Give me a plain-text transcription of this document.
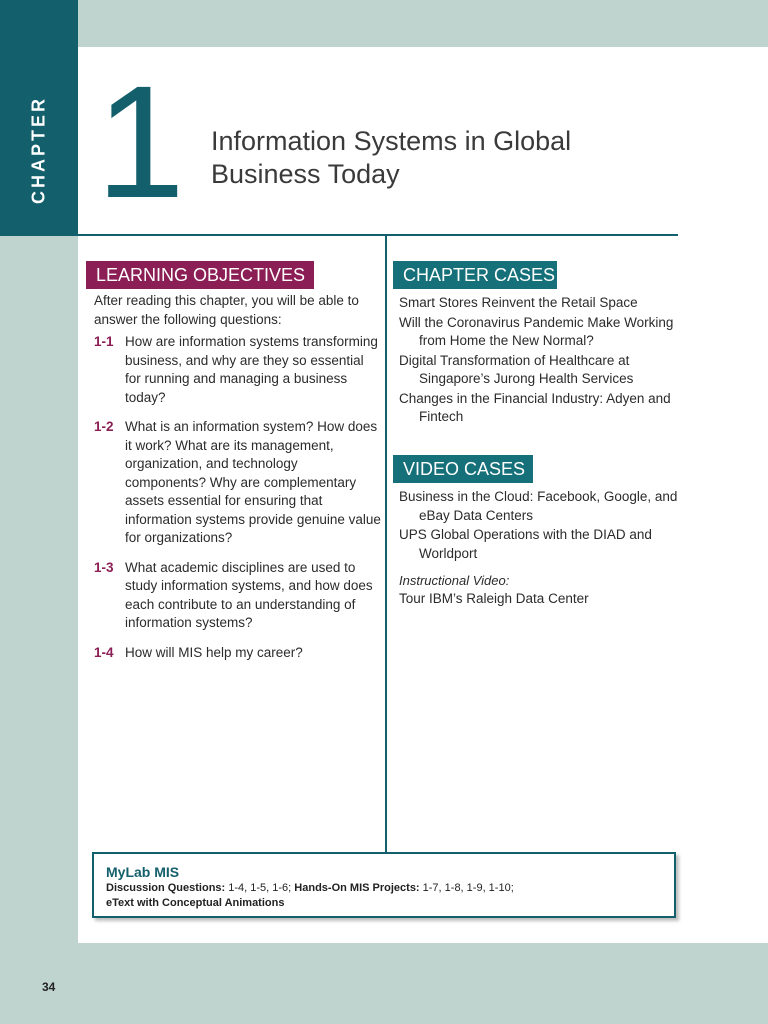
CHAPTER 1 Information Systems in Global Business Today
LEARNING OBJECTIVES
After reading this chapter, you will be able to answer the following questions:
1-1 How are information systems transforming business, and why are they so essential for running and managing a business today?
1-2 What is an information system? How does it work? What are its management, organization, and technology components? Why are complementary assets essential for ensuring that information systems provide genuine value for organizations?
1-3 What academic disciplines are used to study information systems, and how does each contribute to an understanding of information systems?
1-4 How will MIS help my career?
CHAPTER CASES
Smart Stores Reinvent the Retail Space
Will the Coronavirus Pandemic Make Working from Home the New Normal?
Digital Transformation of Healthcare at Singapore’s Jurong Health Services
Changes in the Financial Industry: Adyen and Fintech
VIDEO CASES
Business in the Cloud: Facebook, Google, and eBay Data Centers
UPS Global Operations with the DIAD and Worldport
Instructional Video:
Tour IBM’s Raleigh Data Center
MyLab MIS
Discussion Questions: 1-4, 1-5, 1-6; Hands-On MIS Projects: 1-7, 1-8, 1-9, 1-10;
eText with Conceptual Animations
34
